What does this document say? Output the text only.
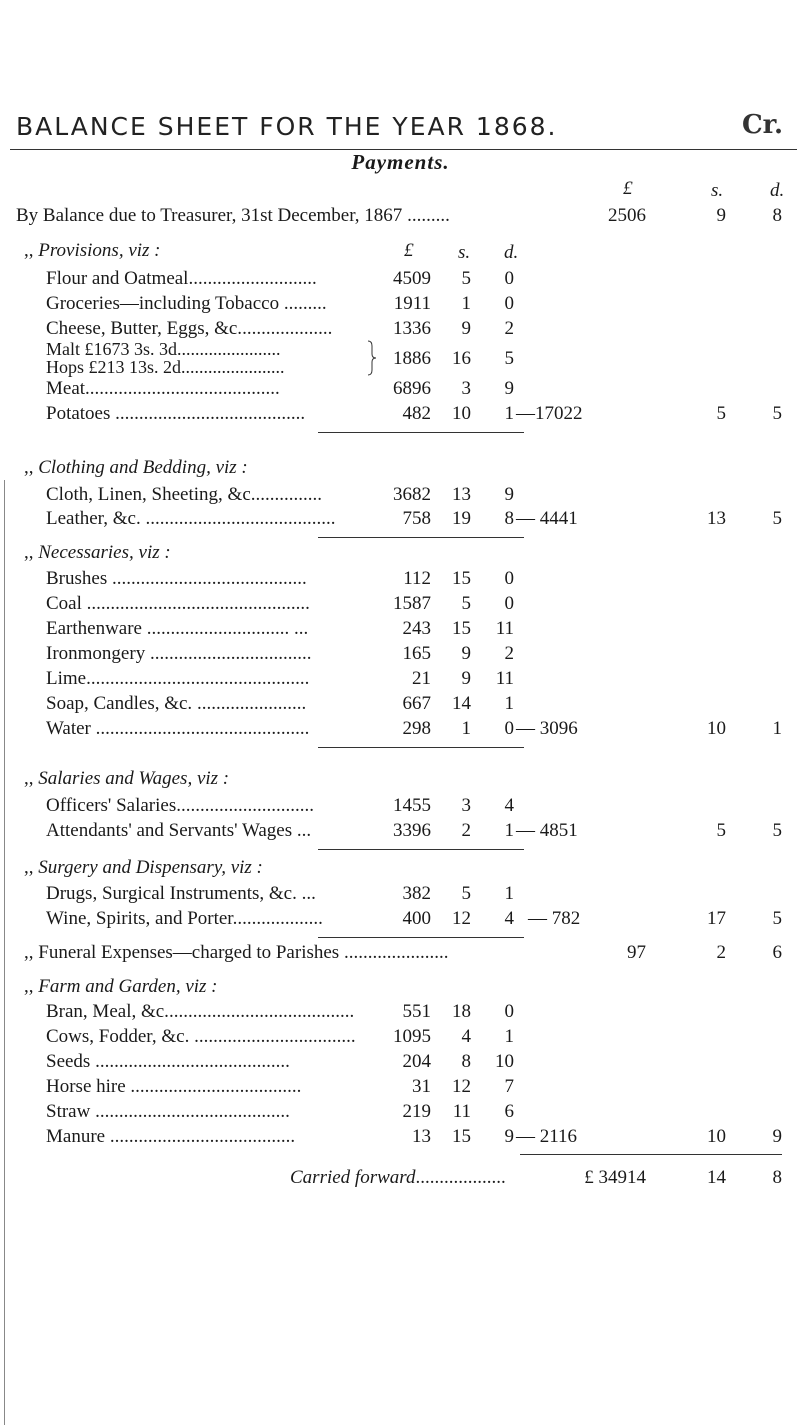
BALANCE SHEET FOR THE YEAR 1868.	Cr.
Payments.
£	s. d.
By Balance due to Treasurer, 31st December, 1867 .........	2506	9	8
,, Provisions, viz :	£ s. d.
Flour and Oatmeal...........................	4509	5	0
Groceries—including Tobacco .........	1911	1	0
Cheese, Butter, Eggs, &c....................	1336	9	2
Malt £1673 3s. 3d.......................
Hops £213 13s. 2d.......................	1886	16	5
Meat.........................................	6896	3	9
Potatoes ........................................	482	10	1 —17022	5	5
,, Clothing and Bedding, viz :
Cloth, Linen, Sheeting, &c...............	3682	13	9
Leather, &c. ........................................	758	19	8 — 4441	13	5
,, Necessaries, viz :
Brushes .........................................	112	15	0
Coal ...............................................	1587	5	0
Earthenware .............................. ...	243	15	11
Ironmongery ..................................	165	9	2
Lime...............................................	21	9	11
Soap, Candles, &c. .......................	667	14	1
Water .............................................	298	1	0 — 3096	10	1
,, Salaries and Wages, viz :
Officers' Salaries.............................	1455	3	4
Attendants' and Servants' Wages ...	3396	2	1 — 4851	5	5
,, Surgery and Dispensary, viz :
Drugs, Surgical Instruments, &c. ...	382	5	1
Wine, Spirits, and Porter...................	400	12	4 — 782	17	5
,, Funeral Expenses—charged to Parishes ......................	97	2	6
,, Farm and Garden, viz :
Bran, Meal, &c........................................	551	18	0
Cows, Fodder, &c. ..................................	1095	4	1
Seeds .........................................	204	8	10
Horse hire ....................................	31	12	7
Straw .........................................	219	11	6
Manure .......................................	13	15	9 — 2116	10	9
Carried forward...................	£ 34914	14	8
